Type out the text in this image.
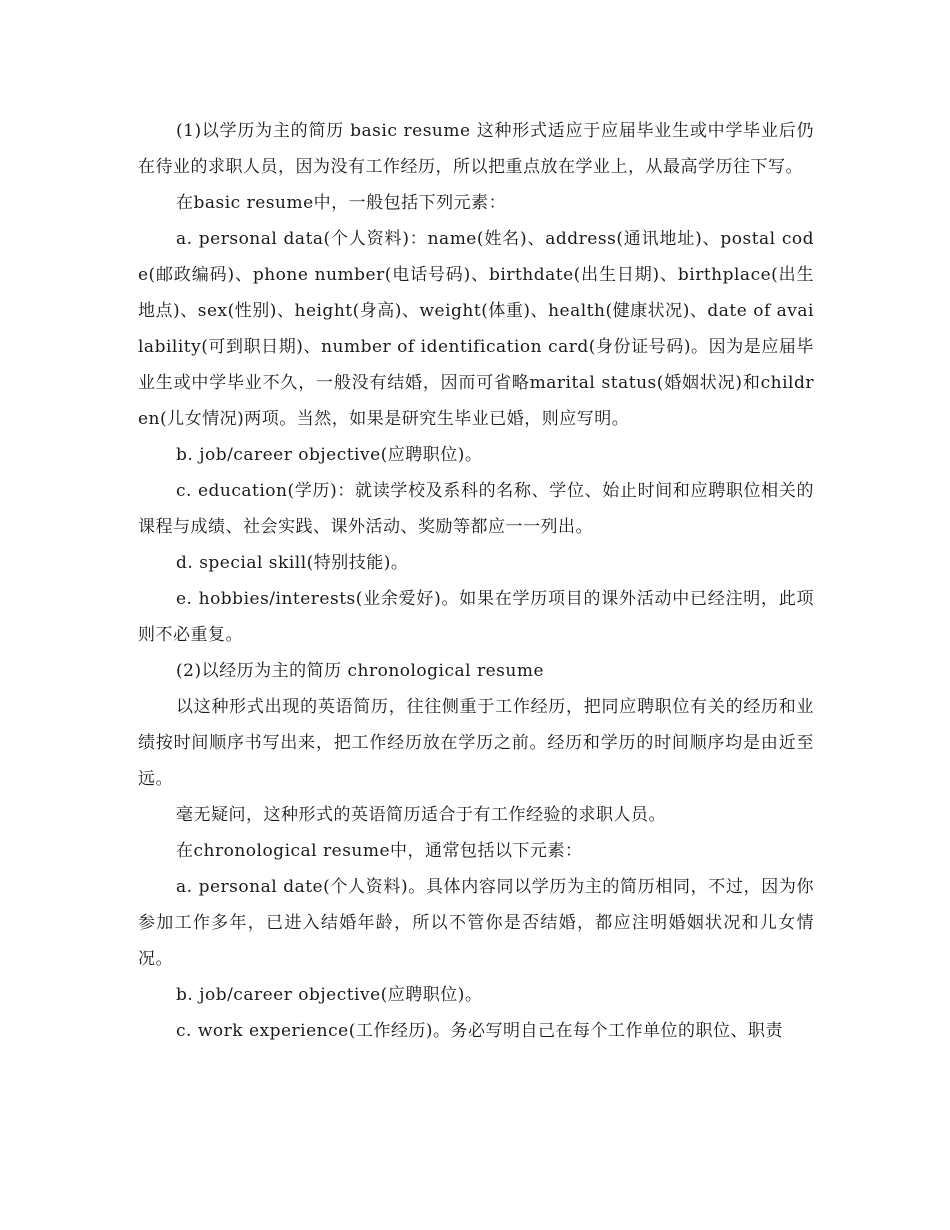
(1)以学历为主的简历 basic resume 这种形式适应于应届毕业生或中学毕业后仍在待业的求职人员，因为没有工作经历，所以把重点放在学业上，从最高学历往下写。

在basic resume中，一般包括下列元素：

a. personal data(个人资料)：name(姓名)、address(通讯地址)、postal code(邮政编码)、phone number(电话号码)、birthdate(出生日期)、birthplace(出生地点)、sex(性别)、height(身高)、weight(体重)、health(健康状况)、date of availability(可到职日期)、number of identification card(身份证号码)。因为是应届毕业生或中学毕业不久，一般没有结婚，因而可省略marital status(婚姻状况)和children(儿女情况)两项。当然，如果是研究生毕业已婚，则应写明。

b. job/career objective(应聘职位)。

c. education(学历)：就读学校及系科的名称、学位、始止时间和应聘职位相关的课程与成绩、社会实践、课外活动、奖励等都应一一列出。

d. special skill(特别技能)。

e. hobbies/interests(业余爱好)。如果在学历项目的课外活动中已经注明，此项则不必重复。

(2)以经历为主的简历 chronological resume

以这种形式出现的英语简历，往往侧重于工作经历，把同应聘职位有关的经历和业绩按时间顺序书写出来，把工作经历放在学历之前。经历和学历的时间顺序均是由近至远。

毫无疑问，这种形式的英语简历适合于有工作经验的求职人员。

在chronological resume中，通常包括以下元素：

a. personal date(个人资料)。具体内容同以学历为主的简历相同，不过，因为你参加工作多年，已进入结婚年龄，所以不管你是否结婚，都应注明婚姻状况和儿女情况。

b. job/career objective(应聘职位)。

c. work experience(工作经历)。务必写明自己在每个工作单位的职位、职责
